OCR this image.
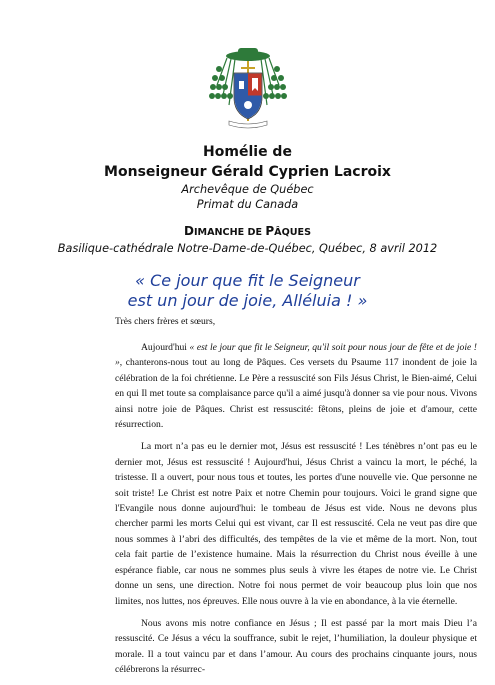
Homélie de
Monseigneur Gérald Cyprien Lacroix
Archevêque de Québec
Primat du Canada
DIMANCHE DE PÂQUES
Basilique-cathédrale Notre-Dame-de-Québec, Québec, 8 avril 2012
« Ce jour que fit le Seigneur
est un jour de joie, Alléluia ! »
Très chers frères et sœurs,

Aujourd'hui « est le jour que fit le Seigneur, qu'il soit pour nous jour de fête et de joie ! », chanterons-nous tout au long de Pâques. Ces versets du Psaume 117 inondent de joie la célébration de la foi chrétienne. Le Père a ressuscité son Fils Jésus Christ, le Bien-aimé, Celui en qui Il met toute sa complaisance parce qu'il a aimé jusqu'à donner sa vie pour nous. Vivons ainsi notre joie de Pâques. Christ est ressuscité: fêtons, pleins de joie et d'amour, cette résurrection.

La mort n’a pas eu le dernier mot, Jésus est ressuscité ! Les ténèbres n’ont pas eu le dernier mot, Jésus est ressuscité ! Aujourd'hui, Jésus Christ a vaincu la mort, le péché, la tristesse. Il a ouvert, pour nous tous et toutes, les portes d'une nouvelle vie. Que personne ne soit triste! Le Christ est notre Paix et notre Chemin pour toujours. Voici le grand signe que l'Evangile nous donne aujourd'hui: le tombeau de Jésus est vide. Nous ne devons plus chercher parmi les morts Celui qui est vivant, car Il est ressuscité. Cela ne veut pas dire que nous sommes à l’abri des difficultés, des tempêtes de la vie et même de la mort. Non, tout cela fait partie de l’existence humaine. Mais la résurrection du Christ nous éveille à une espérance fiable, car nous ne sommes plus seuls à vivre les étapes de notre vie. Le Christ donne un sens, une direction. Notre foi nous permet de voir beaucoup plus loin que nos limites, nos luttes, nos épreuves. Elle nous ouvre à la vie en abondance, à la vie éternelle.

Nous avons mis notre confiance en Jésus ; Il est passé par la mort mais Dieu l’a ressuscité. Ce Jésus a vécu la souffrance, subit le rejet, l’humiliation, la douleur physique et morale. Il a tout vaincu par et dans l’amour. Au cours des prochains cinquante jours, nous célébrerons la résurrec-
